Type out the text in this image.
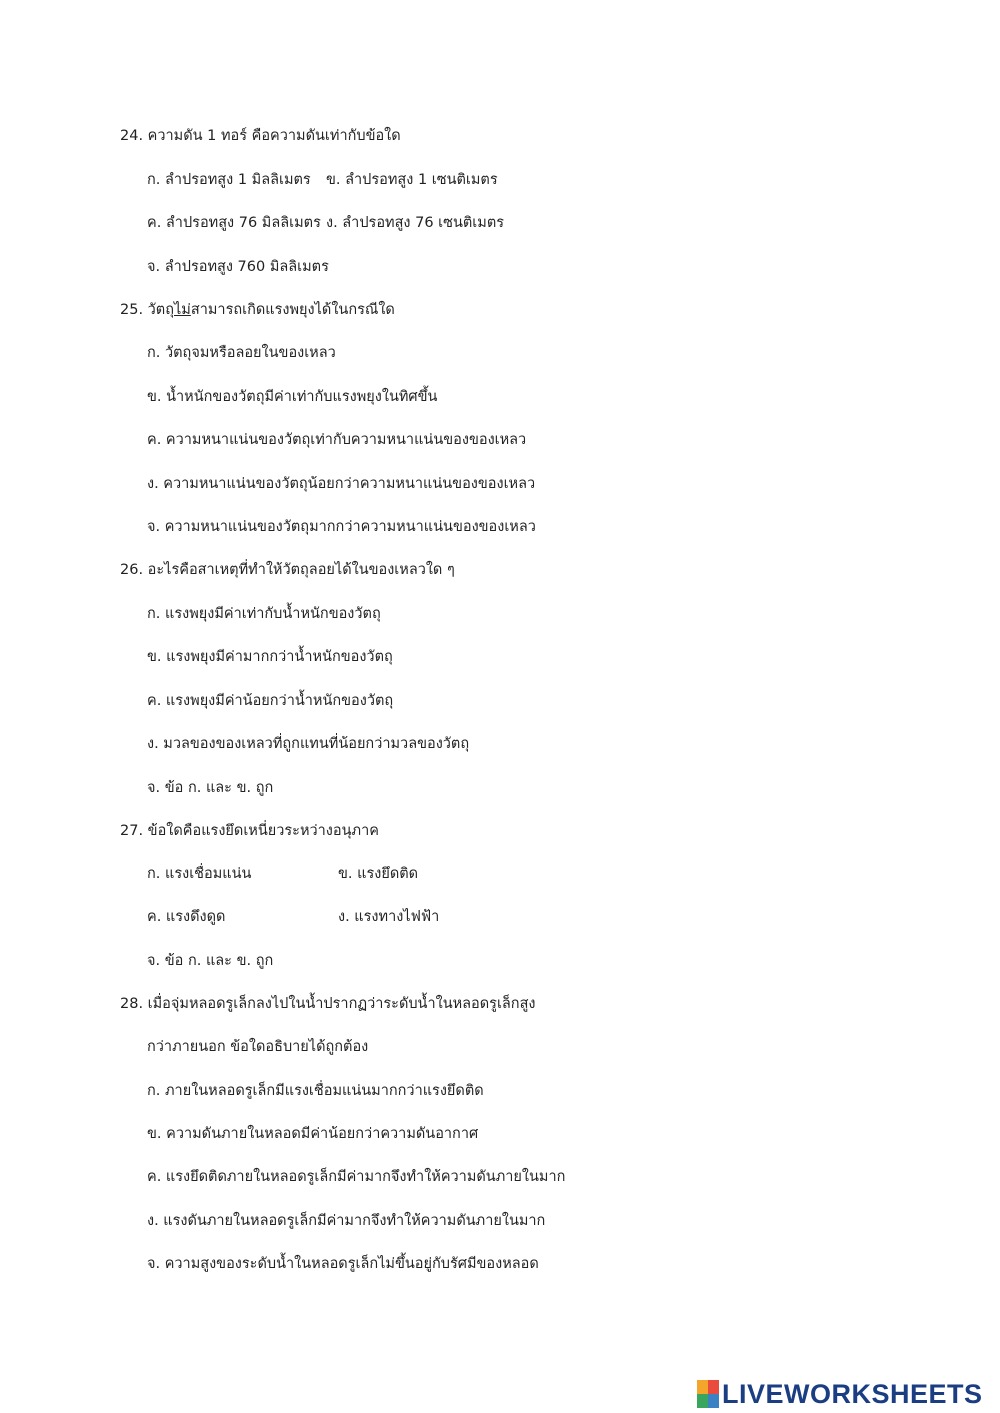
24. ความดัน 1 ทอร์ คือความดันเท่ากับข้อใด
ก. ลำปรอทสูง 1 มิลลิเมตร ข. ลำปรอทสูง 1 เซนติเมตร
ค. ลำปรอทสูง 76 มิลลิเมตร ง. ลำปรอทสูง 76 เซนติเมตร
จ. ลำปรอทสูง 760 มิลลิเมตร
25. วัตถุไม่สามารถเกิดแรงพยุงได้ในกรณีใด
ก. วัตถุจมหรือลอยในของเหลว
ข. น้ำหนักของวัตถุมีค่าเท่ากับแรงพยุงในทิศขึ้น
ค. ความหนาแน่นของวัตถุเท่ากับความหนาแน่นของของเหลว
ง. ความหนาแน่นของวัตถุน้อยกว่าความหนาแน่นของของเหลว
จ. ความหนาแน่นของวัตถุมากกว่าความหนาแน่นของของเหลว
26. อะไรคือสาเหตุที่ทำให้วัตถุลอยได้ในของเหลวใด ๆ
ก. แรงพยุงมีค่าเท่ากับน้ำหนักของวัตถุ
ข. แรงพยุงมีค่ามากกว่าน้ำหนักของวัตถุ
ค. แรงพยุงมีค่าน้อยกว่าน้ำหนักของวัตถุ
ง. มวลของของเหลวที่ถูกแทนที่น้อยกว่ามวลของวัตถุ
จ. ข้อ ก. และ ข. ถูก
27. ข้อใดคือแรงยึดเหนี่ยวระหว่างอนุภาค
ก. แรงเชื่อมแน่น	ข. แรงยึดติด
ค. แรงดึงดูด	ง. แรงทางไฟฟ้า
จ. ข้อ ก. และ ข. ถูก
28. เมื่อจุ่มหลอดรูเล็กลงไปในน้ำปรากฏว่าระดับน้ำในหลอดรูเล็กสูง
กว่าภายนอก ข้อใดอธิบายได้ถูกต้อง
ก. ภายในหลอดรูเล็กมีแรงเชื่อมแน่นมากกว่าแรงยึดติด
ข. ความดันภายในหลอดมีค่าน้อยกว่าความดันอากาศ
ค. แรงยึดติดภายในหลอดรูเล็กมีค่ามากจึงทำให้ความดันภายในมาก
ง. แรงดันภายในหลอดรูเล็กมีค่ามากจึงทำให้ความดันภายในมาก
จ. ความสูงของระดับน้ำในหลอดรูเล็กไม่ขึ้นอยู่กับรัศมีของหลอด
LIVEWORKSHEETS
